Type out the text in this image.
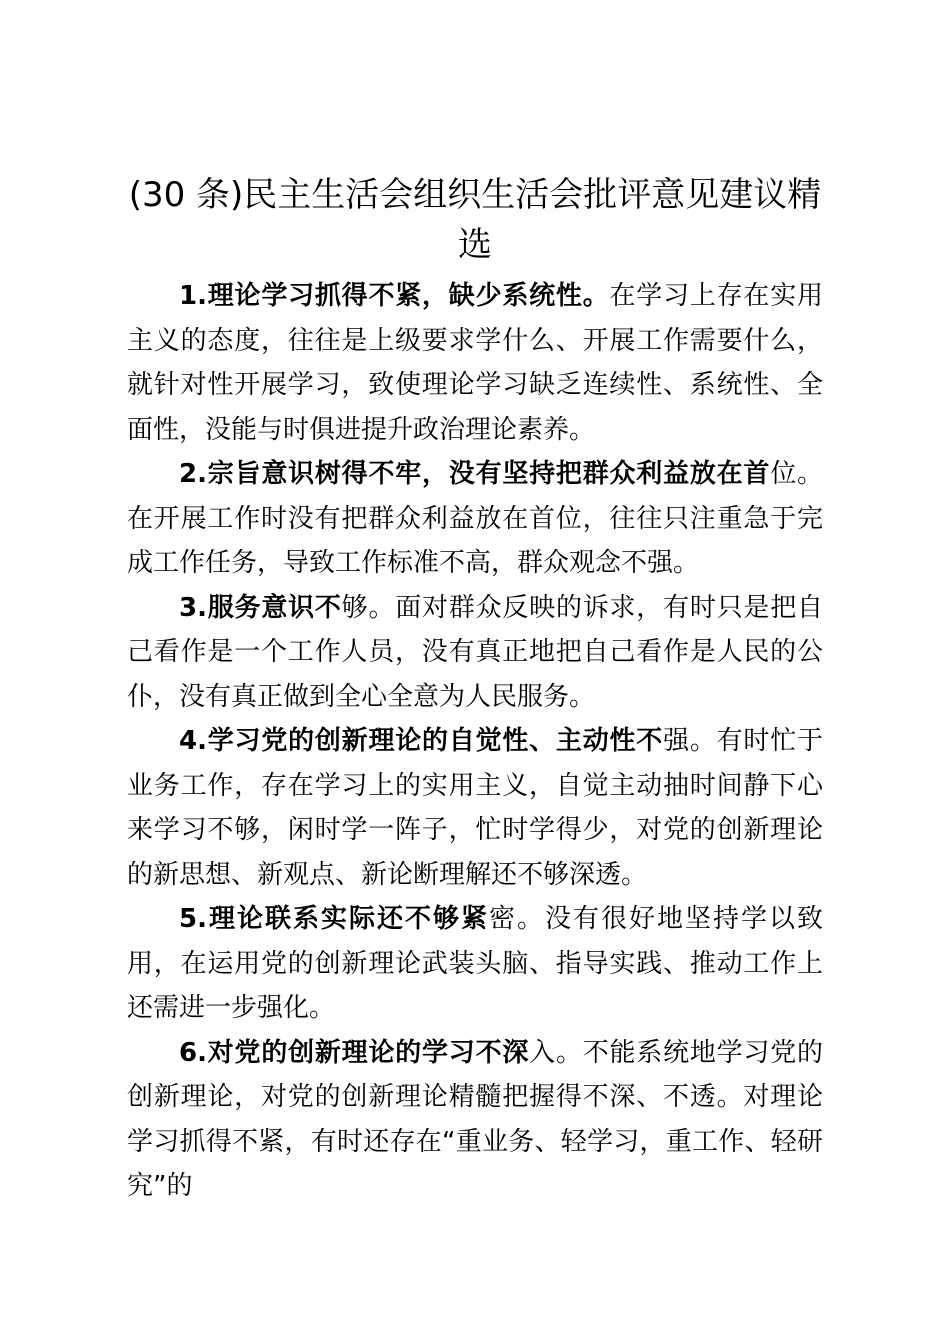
(30 条)民主生活会组织生活会批评意见建议精选

1.理论学习抓得不紧，缺少系统性。在学习上存在实用主义的态度，往往是上级要求学什么、开展工作需要什么，就针对性开展学习，致使理论学习缺乏连续性、系统性、全面性，没能与时俱进提升政治理论素养。

2.宗旨意识树得不牢，没有坚持把群众利益放在首位。在开展工作时没有把群众利益放在首位，往往只注重急于完成工作任务，导致工作标准不高，群众观念不强。

3.服务意识不够。面对群众反映的诉求，有时只是把自己看作是一个工作人员，没有真正地把自己看作是人民的公仆，没有真正做到全心全意为人民服务。

4.学习党的创新理论的自觉性、主动性不强。有时忙于业务工作，存在学习上的实用主义，自觉主动抽时间静下心来学习不够，闲时学一阵子，忙时学得少，对党的创新理论的新思想、新观点、新论断理解还不够深透。

5.理论联系实际还不够紧密。没有很好地坚持学以致用，在运用党的创新理论武装头脑、指导实践、推动工作上还需进一步强化。

6.对党的创新理论的学习不深入。不能系统地学习党的创新理论，对党的创新理论精髓把握得不深、不透。对理论学习抓得不紧，有时还存在“重业务、轻学习，重工作、轻研究”的
